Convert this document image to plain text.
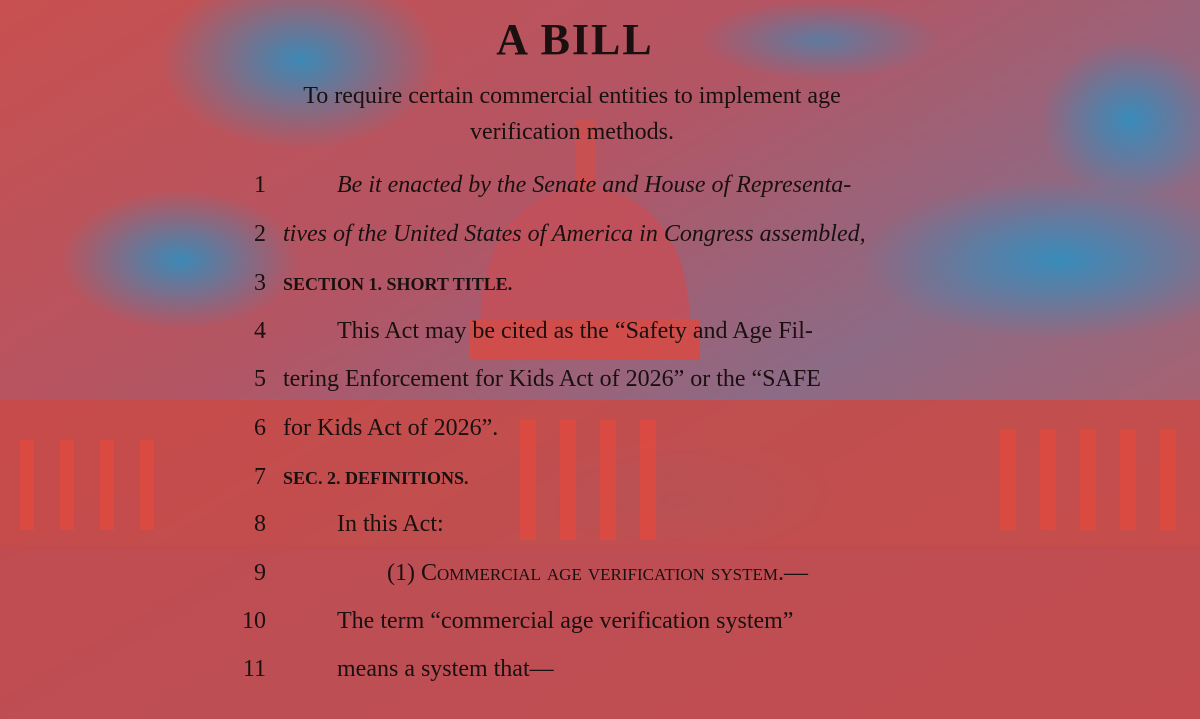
A BILL
To require certain commercial entities to implement age
verification methods.
1	Be it enacted by the Senate and House of Representa-
2 tives of the United States of America in Congress assembled,
3 SECTION 1. SHORT TITLE.
4	This Act may be cited as the “Safety and Age Fil-
5 tering Enforcement for Kids Act of 2026” or the “SAFE
6 for Kids Act of 2026”.
7 SEC. 2. DEFINITIONS.
8	In this Act:
9	(1) Commercial age verification system.—
10	The term “commercial age verification system”
11	means a system that—
